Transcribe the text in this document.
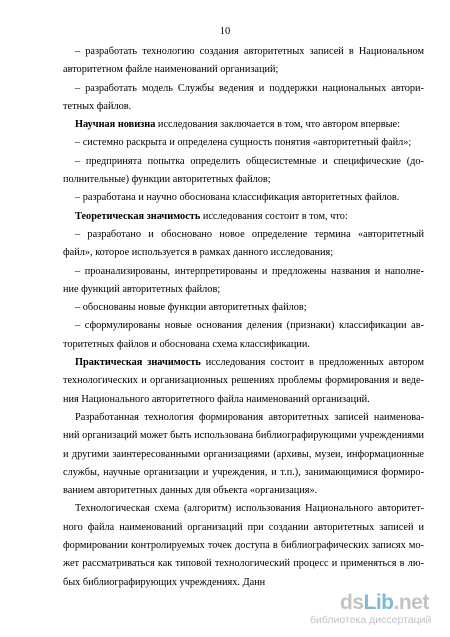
10
– разработать технологию создания авторитетных записей в Национальном
авторитетном файле наименований организаций;
– разработать модель Службы ведения и поддержки национальных автори-
тетных файлов.
Научная новизна исследования заключается в том, что автором впервые:
– системно раскрыта и определена сущность понятия «авторитетный файл»;
– предпринята попытка определить общесистемные и специфические (до-
полнительные) функции авторитетных файлов;
– разработана и научно обоснована классификация авторитетных файлов.
Теоретическая значимость исследования состоит в том, что:
– разработано и обосновано новое определение термина «авторитетный
файл», которое используется в рамках данного исследования;
– проанализированы, интерпретированы и предложены названия и наполне-
ние функций авторитетных файлов;
– обоснованы новые функции авторитетных файлов;
– сформулированы новые основания деления (признаки) классификации ав-
торитетных файлов и обоснована схема классификации.
Практическая значимость исследования состоит в предложенных автором
технологических и организационных решениях проблемы формирования и веде-
ния Национального авторитетного файла наименований организаций.
Разработанная технология формирования авторитетных записей наименова-
ний организаций может быть использована библиографирующими учреждениями
и другими заинтересованными организациями (архивы, музеи, информационные
службы, научные организации и учреждения, и т.п.), занимающимися формиро-
ванием авторитетных данных для объекта «организация».
Технологическая схема (алгоритм) использования Национального авторитет-
ного файла наименований организаций при создании авторитетных записей и
формировании контролируемых точек доступа в библиографических записях мо-
жет рассматриваться как типовой технологический процесс и применяться в лю-
бых библиографирующих учреждениях. Данн
dsLib.net
библиотека диссертаций
